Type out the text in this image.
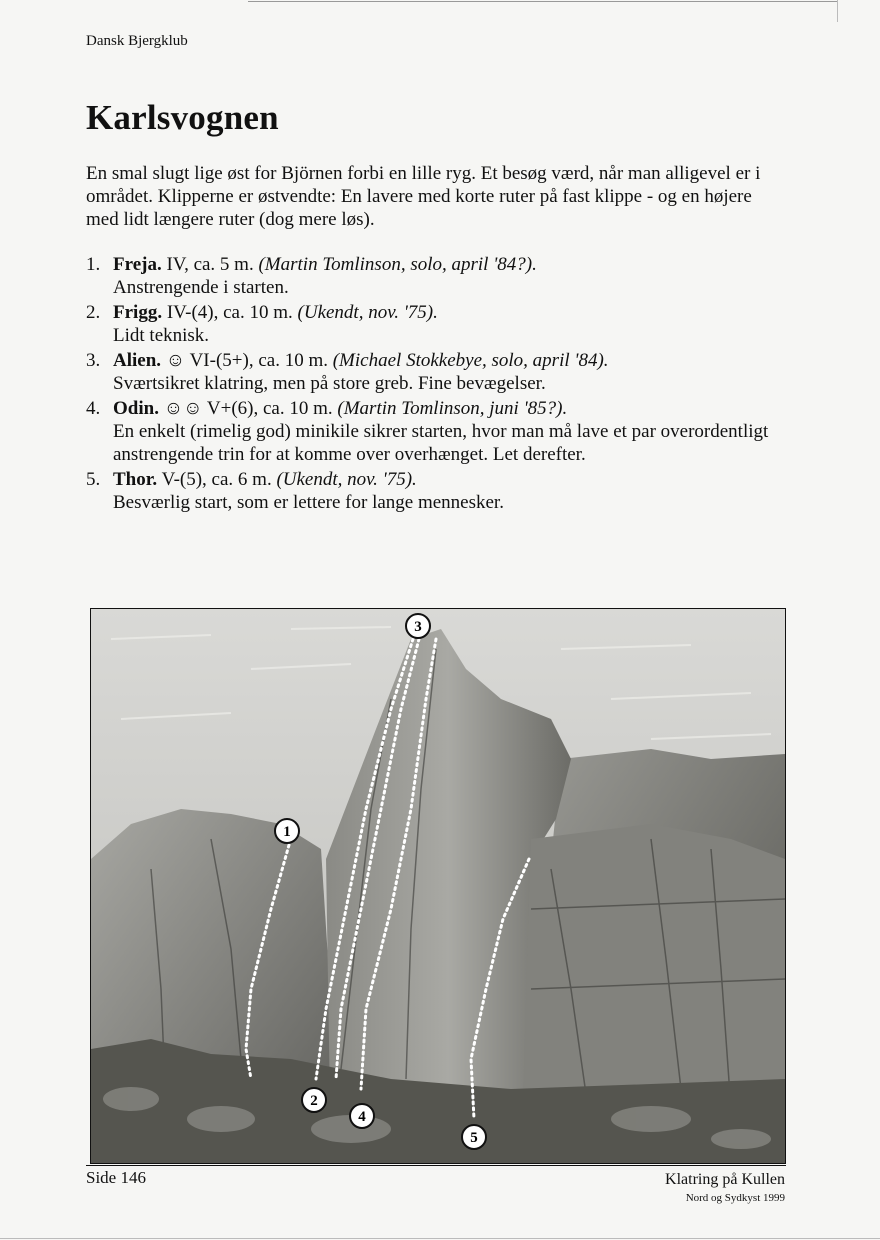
Dansk Bjergklub
Karlsvognen

En smal slugt lige øst for Björnen forbi en lille ryg. Et besøg værd, når man alligevel er i området. Klipperne er østvendte: En lavere med korte ruter på fast klippe - og en højere med lidt længere ruter (dog mere løs).

1. Freja. IV, ca. 5 m. (Martin Tomlinson, solo, april '84?).
Anstrengende i starten.
2. Frigg. IV-(4), ca. 10 m. (Ukendt, nov. '75).
Lidt teknisk.
3. Alien. ☺ VI-(5+), ca. 10 m. (Michael Stokkebye, solo, april '84).
Sværtsikret klatring, men på store greb. Fine bevægelser.
4. Odin. ☺☺ V+(6), ca. 10 m. (Martin Tomlinson, juni '85?).
En enkelt (rimelig god) minikile sikrer starten, hvor man må lave et par overordentligt anstrengende trin for at komme over overhænget. Let derefter.
5. Thor. V-(5), ca. 6 m. (Ukendt, nov. '75).
Besværlig start, som er lettere for lange mennesker.
3
1
2
4
5
Side 146	Klatring på Kullen
Nord og Sydkyst 1999
